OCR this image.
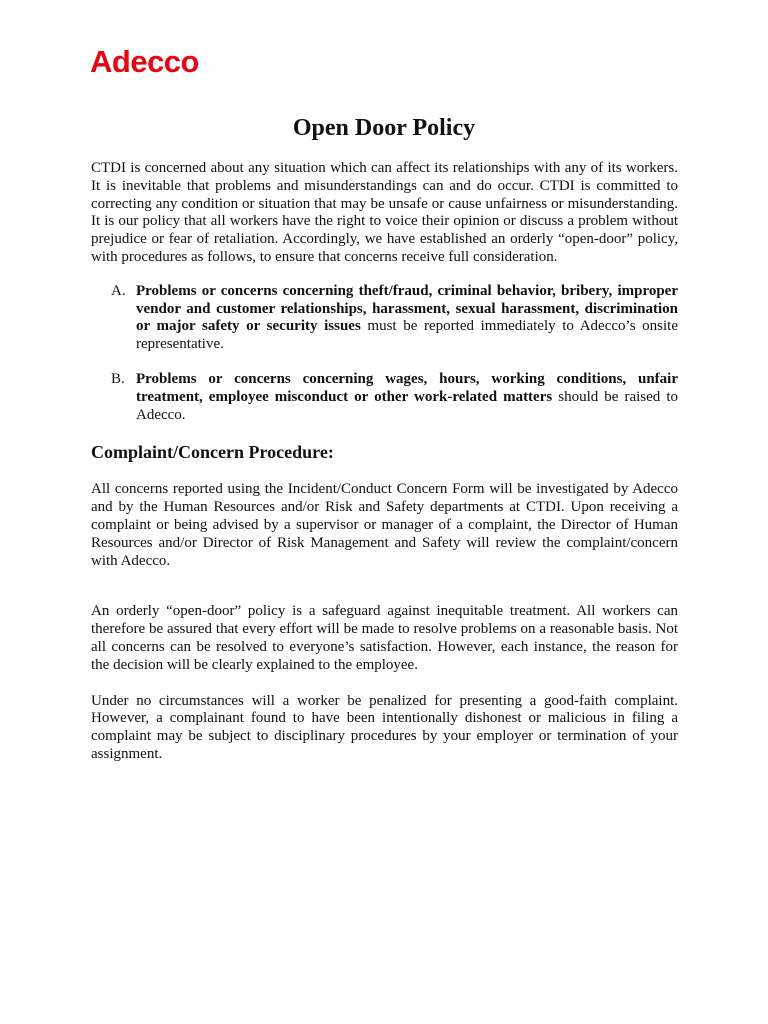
Adecco
Open Door Policy

CTDI is concerned about any situation which can affect its relationships with any of its workers. It is inevitable that problems and misunderstandings can and do occur. CTDI is committed to correcting any condition or situation that may be unsafe or cause unfairness or misunderstanding. It is our policy that all workers have the right to voice their opinion or discuss a problem without prejudice or fear of retaliation. Accordingly, we have established an orderly “open-door” policy, with procedures as follows, to ensure that concerns receive full consideration.

A. Problems or concerns concerning theft/fraud, criminal behavior, bribery, improper vendor and customer relationships, harassment, sexual harassment, discrimination or major safety or security issues must be reported immediately to Adecco’s onsite representative.
B. Problems or concerns concerning wages, hours, working conditions, unfair treatment, employee misconduct or other work-related matters should be raised to Adecco.
Complaint/Concern Procedure:

All concerns reported using the Incident/Conduct Concern Form will be investigated by Adecco and by the Human Resources and/or Risk and Safety departments at CTDI. Upon receiving a complaint or being advised by a supervisor or manager of a complaint, the Director of Human Resources and/or Director of Risk Management and Safety will review the complaint/concern with Adecco.

An orderly “open-door” policy is a safeguard against inequitable treatment. All workers can therefore be assured that every effort will be made to resolve problems on a reasonable basis. Not all concerns can be resolved to everyone’s satisfaction. However, each instance, the reason for the decision will be clearly explained to the employee.

Under no circumstances will a worker be penalized for presenting a good-faith complaint. However, a complainant found to have been intentionally dishonest or malicious in filing a complaint may be subject to disciplinary procedures by your employer or termination of your assignment.
